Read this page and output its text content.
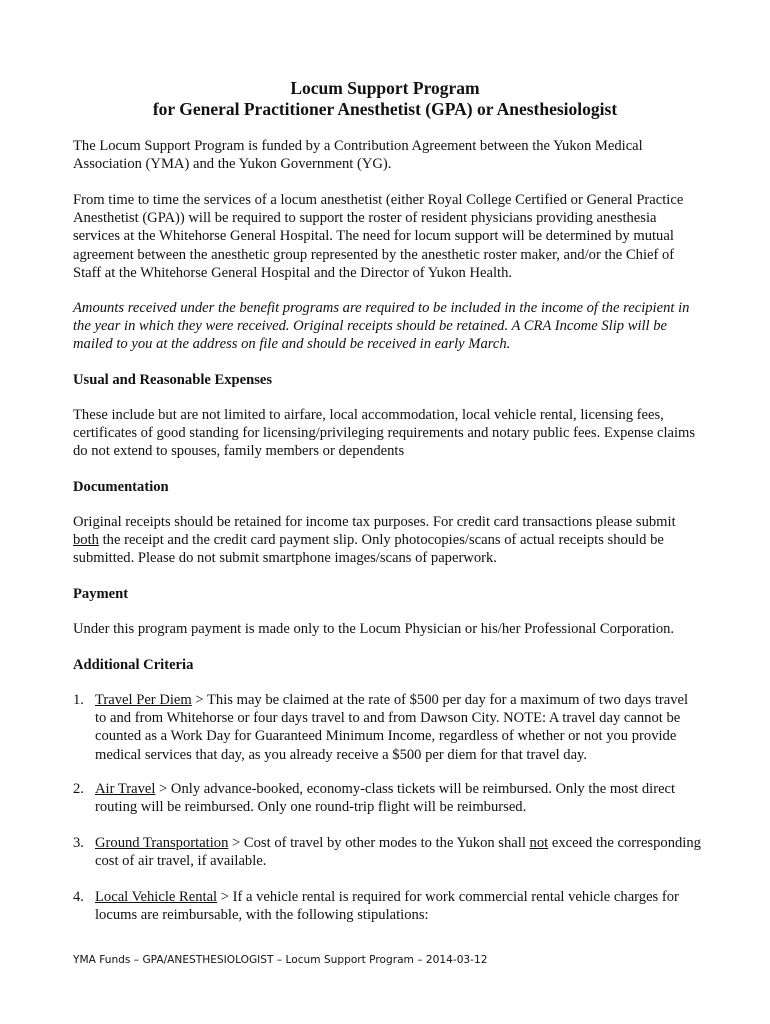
Locum Support Program
for General Practitioner Anesthetist (GPA) or Anesthesiologist

The Locum Support Program is funded by a Contribution Agreement between the Yukon Medical Association (YMA) and the Yukon Government (YG).

From time to time the services of a locum anesthetist (either Royal College Certified or General Practice Anesthetist (GPA)) will be required to support the roster of resident physicians providing anesthesia services at the Whitehorse General Hospital. The need for locum support will be determined by mutual agreement between the anesthetic group represented by the anesthetic roster maker, and/or the Chief of Staff at the Whitehorse General Hospital and the Director of Yukon Health.

Amounts received under the benefit programs are required to be included in the income of the recipient in the year in which they were received. Original receipts should be retained. A CRA Income Slip will be mailed to you at the address on file and should be received in early March.

Usual and Reasonable Expenses

These include but are not limited to airfare, local accommodation, local vehicle rental, licensing fees, certificates of good standing for licensing/privileging requirements and notary public fees. Expense claims do not extend to spouses, family members or dependents

Documentation

Original receipts should be retained for income tax purposes. For credit card transactions please submit both the receipt and the credit card payment slip. Only photocopies/scans of actual receipts should be submitted. Please do not submit smartphone images/scans of paperwork.

Payment

Under this program payment is made only to the Locum Physician or his/her Professional Corporation.

Additional Criteria
1. Travel Per Diem > This may be claimed at the rate of $500 per day for a maximum of two days travel to and from Whitehorse or four days travel to and from Dawson City. NOTE: A travel day cannot be counted as a Work Day for Guaranteed Minimum Income, regardless of whether or not you provide medical services that day, as you already receive a $500 per diem for that travel day.
2. Air Travel > Only advance-booked, economy-class tickets will be reimbursed. Only the most direct routing will be reimbursed. Only one round-trip flight will be reimbursed.
3. Ground Transportation > Cost of travel by other modes to the Yukon shall not exceed the corresponding cost of air travel, if available.
4. Local Vehicle Rental > If a vehicle rental is required for work commercial rental vehicle charges for locums are reimbursable, with the following stipulations:
YMA Funds – GPA/ANESTHESIOLOGIST – Locum Support Program – 2014-03-12
